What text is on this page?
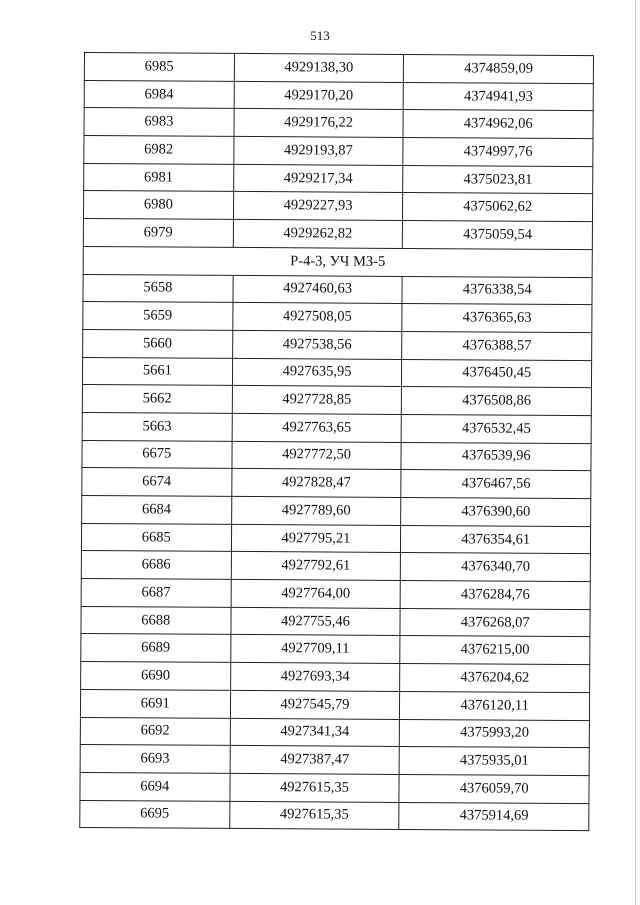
513
6985	4929138,30	4374859,09
6984	4929170,20	4374941,93
6983	4929176,22	4374962,06
6982	4929193,87	4374997,76
6981	4929217,34	4375023,81
6980	4929227,93	4375062,62
6979	4929262,82	4375059,54
Р-4-3, УЧ МЗ-5		
5658	4927460,63	4376338,54
5659	4927508,05	4376365,63
5660	4927538,56	4376388,57
5661	4927635,95	4376450,45
5662	4927728,85	4376508,86
5663	4927763,65	4376532,45
6675	4927772,50	4376539,96
6674	4927828,47	4376467,56
6684	4927789,60	4376390,60
6685	4927795,21	4376354,61
6686	4927792,61	4376340,70
6687	4927764,00	4376284,76
6688	4927755,46	4376268,07
6689	4927709,11	4376215,00
6690	4927693,34	4376204,62
6691	4927545,79	4376120,11
6692	4927341,34	4375993,20
6693	4927387,47	4375935,01
6694	4927615,35	4376059,70
6695	4927615,35	4375914,69
